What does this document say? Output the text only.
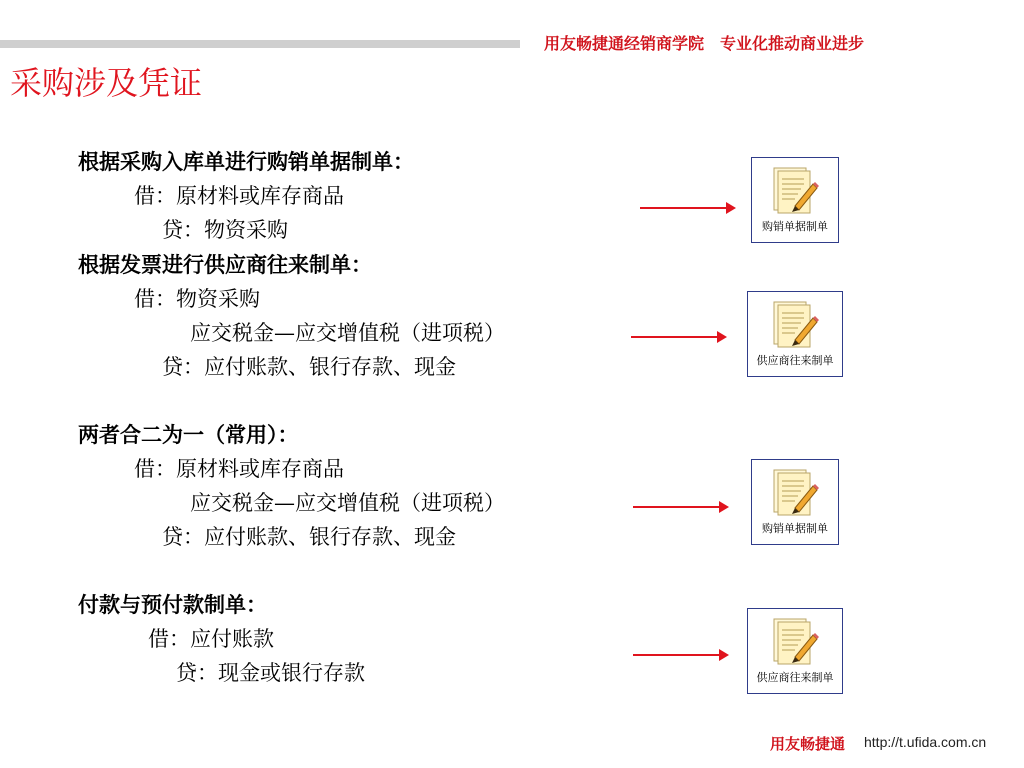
用友畅捷通经销商学院　专业化推动商业进步
采购涉及凭证
根据采购入库单进行购销单据制单：
借：原材料或库存商品
贷：物资采购
根据发票进行供应商往来制单：
借：物资采购
应交税金—应交增值税（进项税）
贷：应付账款、银行存款、现金
两者合二为一（常用）：
借：原材料或库存商品
应交税金—应交增值税（进项税）
贷：应付账款、银行存款、现金
付款与预付款制单：
借：应付账款
贷：现金或银行存款
购销单据制单
供应商往来制单
购销单据制单
供应商往来制单
用友畅捷通 http://t.ufida.com.cn
